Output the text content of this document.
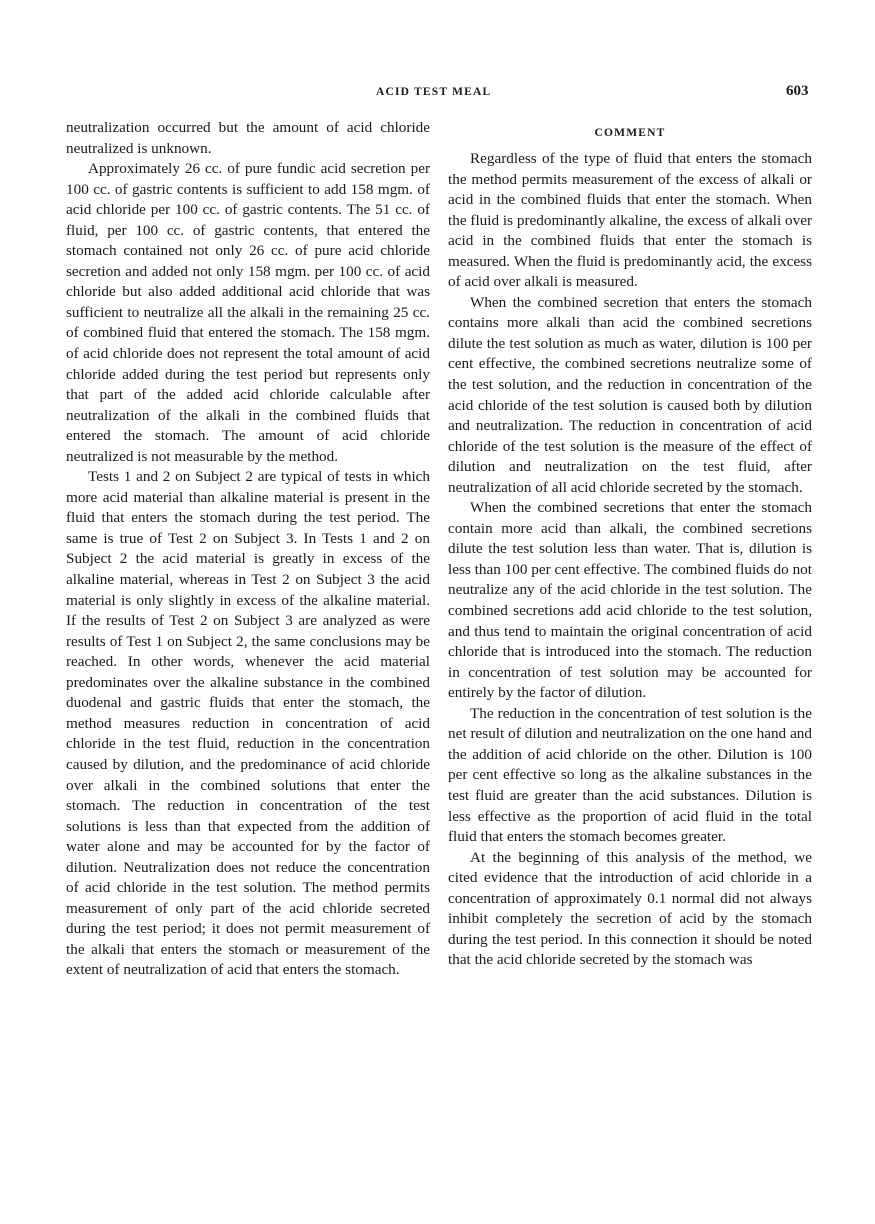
ACID TEST MEAL	603

neutralization occurred but the amount of acid chloride neutralized is unknown.

Approximately 26 cc. of pure fundic acid secretion per 100 cc. of gastric contents is sufficient to add 158 mgm. of acid chloride per 100 cc. of gastric contents. The 51 cc. of fluid, per 100 cc. of gastric contents, that entered the stomach contained not only 26 cc. of pure acid chloride secretion and added not only 158 mgm. per 100 cc. of acid chloride but also added additional acid chloride that was sufficient to neutralize all the alkali in the remaining 25 cc. of combined fluid that entered the stomach. The 158 mgm. of acid chloride does not represent the total amount of acid chloride added during the test period but represents only that part of the added acid chloride calculable after neutralization of the alkali in the combined fluids that entered the stomach. The amount of acid chloride neutralized is not measurable by the method.

Tests 1 and 2 on Subject 2 are typical of tests in which more acid material than alkaline material is present in the fluid that enters the stomach during the test period. The same is true of Test 2 on Subject 3. In Tests 1 and 2 on Subject 2 the acid material is greatly in excess of the alkaline material, whereas in Test 2 on Subject 3 the acid material is only slightly in excess of the alkaline material. If the results of Test 2 on Subject 3 are analyzed as were results of Test 1 on Subject 2, the same conclusions may be reached. In other words, whenever the acid material predominates over the alkaline substance in the combined duodenal and gastric fluids that enter the stomach, the method measures reduction in concentration of acid chloride in the test fluid, reduction in the concentration caused by dilution, and the predominance of acid chloride over alkali in the combined solutions that enter the stomach. The reduction in concentration of the test solutions is less than that expected from the addition of water alone and may be accounted for by the factor of dilution. Neutralization does not reduce the concentration of acid chloride in the test solution. The method permits measurement of only part of the acid chloride secreted during the test period; it does not permit measurement of the alkali that enters the stomach or measurement of the extent of neutralization of acid that enters the stomach.

COMMENT

Regardless of the type of fluid that enters the stomach the method permits measurement of the excess of alkali or acid in the combined fluids that enter the stomach. When the fluid is predominantly alkaline, the excess of alkali over acid in the combined fluids that enter the stomach is measured. When the fluid is predominantly acid, the excess of acid over alkali is measured.

When the combined secretion that enters the stomach contains more alkali than acid the combined secretions dilute the test solution as much as water, dilution is 100 per cent effective, the combined secretions neutralize some of the test solution, and the reduction in concentration of the acid chloride of the test solution is caused both by dilution and neutralization. The reduction in concentration of acid chloride of the test solution is the measure of the effect of dilution and neutralization on the test fluid, after neutralization of all acid chloride secreted by the stomach.

When the combined secretions that enter the stomach contain more acid than alkali, the combined secretions dilute the test solution less than water. That is, dilution is less than 100 per cent effective. The combined fluids do not neutralize any of the acid chloride in the test solution. The combined secretions add acid chloride to the test solution, and thus tend to maintain the original concentration of acid chloride that is introduced into the stomach. The reduction in concentration of test solution may be accounted for entirely by the factor of dilution.

The reduction in the concentration of test solution is the net result of dilution and neutralization on the one hand and the addition of acid chloride on the other. Dilution is 100 per cent effective so long as the alkaline substances in the test fluid are greater than the acid substances. Dilution is less effective as the proportion of acid fluid in the total fluid that enters the stomach becomes greater.

At the beginning of this analysis of the method, we cited evidence that the introduction of acid chloride in a concentration of approximately 0.1 normal did not always inhibit completely the secretion of acid by the stomach during the test period. In this connection it should be noted that the acid chloride secreted by the stomach was
